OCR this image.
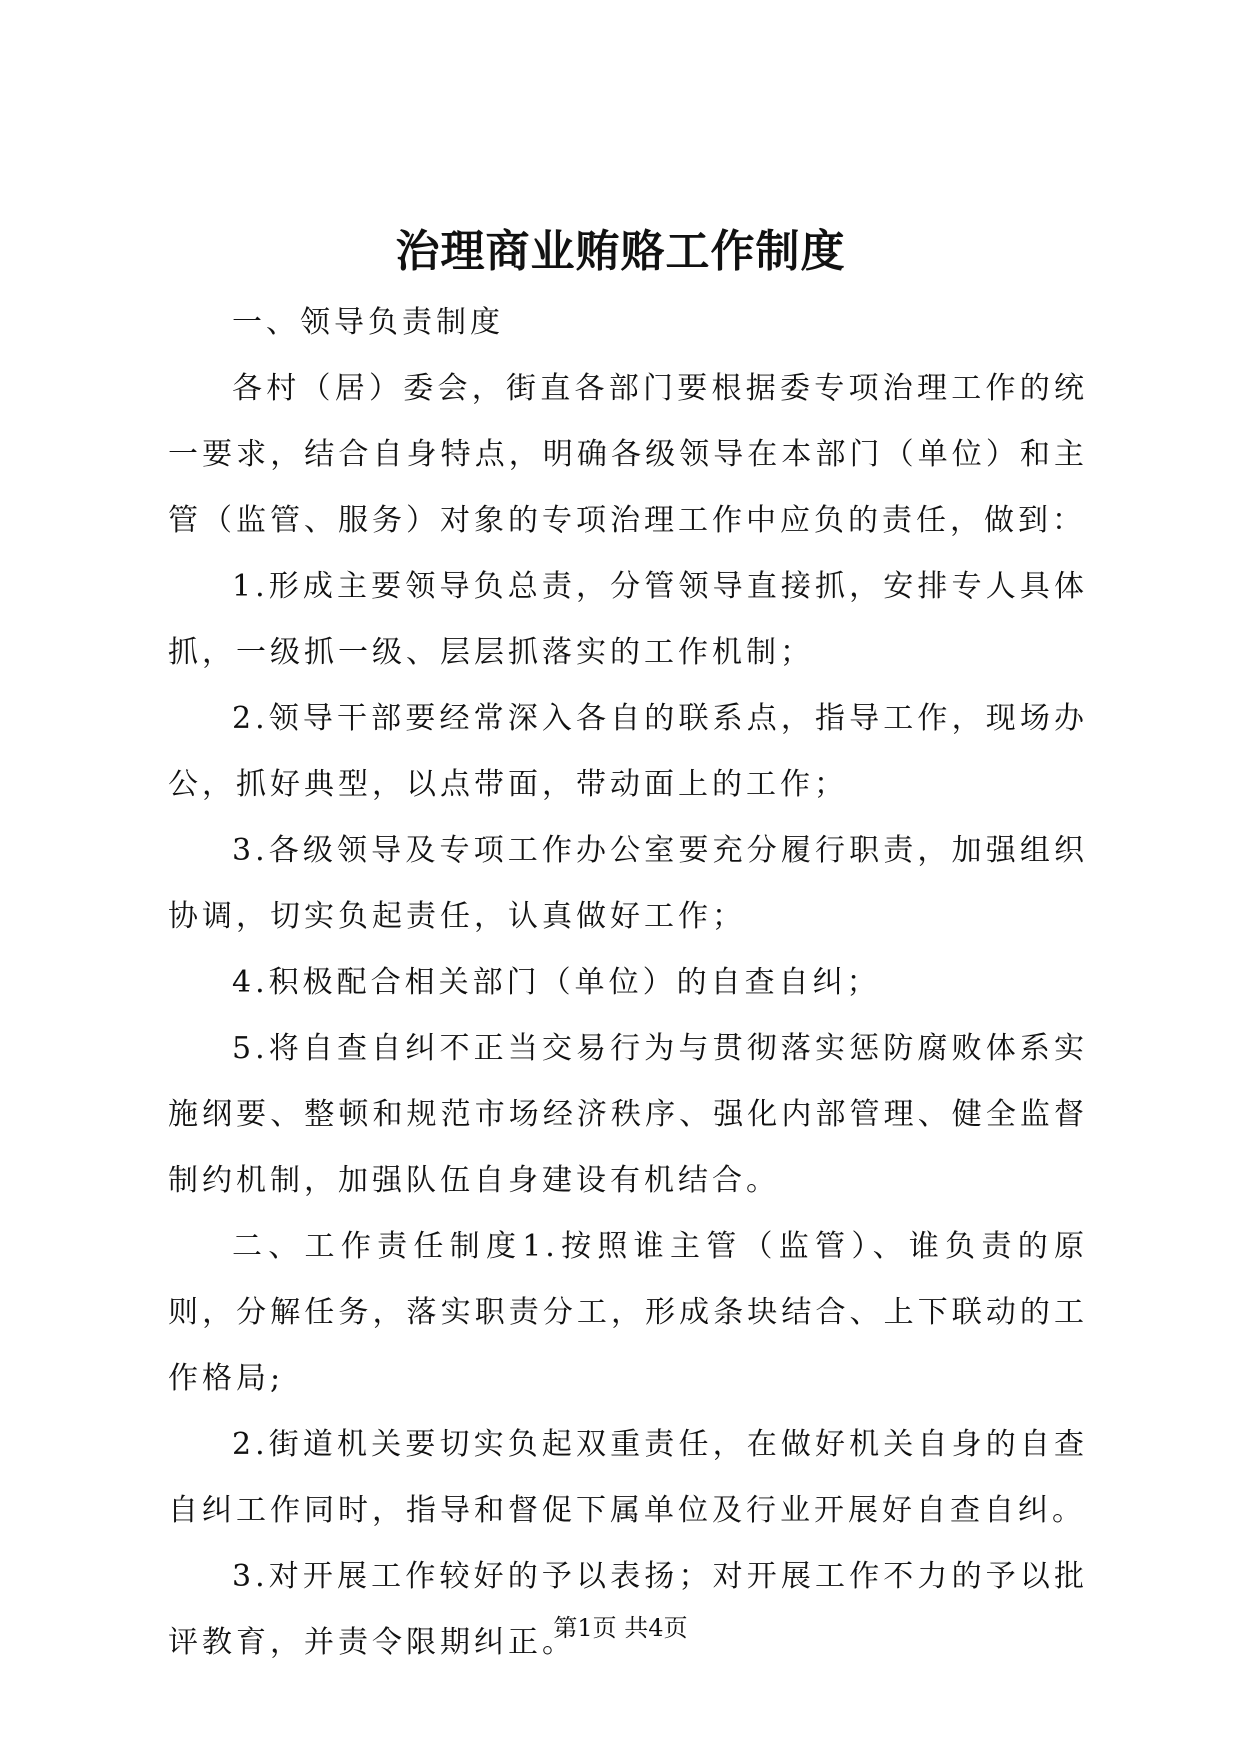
治理商业贿赂工作制度

一、领导负责制度

各村（居）委会，街直各部门要根据委专项治理工作的统一要求，结合自身特点，明确各级领导在本部门（单位）和主管（监管、服务）对象的专项治理工作中应负的责任，做到：

1.形成主要领导负总责，分管领导直接抓，安排专人具体抓，一级抓一级、层层抓落实的工作机制；

2.领导干部要经常深入各自的联系点，指导工作，现场办公，抓好典型，以点带面，带动面上的工作；

3.各级领导及专项工作办公室要充分履行职责，加强组织协调，切实负起责任，认真做好工作；

4.积极配合相关部门（单位）的自查自纠；

5.将自查自纠不正当交易行为与贯彻落实惩防腐败体系实施纲要、整顿和规范市场经济秩序、强化内部管理、健全监督制约机制，加强队伍自身建设有机结合。

二、工作责任制度1.按照谁主管（监管）、谁负责的原则，分解任务，落实职责分工，形成条块结合、上下联动的工作格局;

2.街道机关要切实负起双重责任，在做好机关自身的自查自纠工作同时，指导和督促下属单位及行业开展好自查自纠。

3.对开展工作较好的予以表扬；对开展工作不力的予以批评教育，并责令限期纠正。

第1页 共4页
